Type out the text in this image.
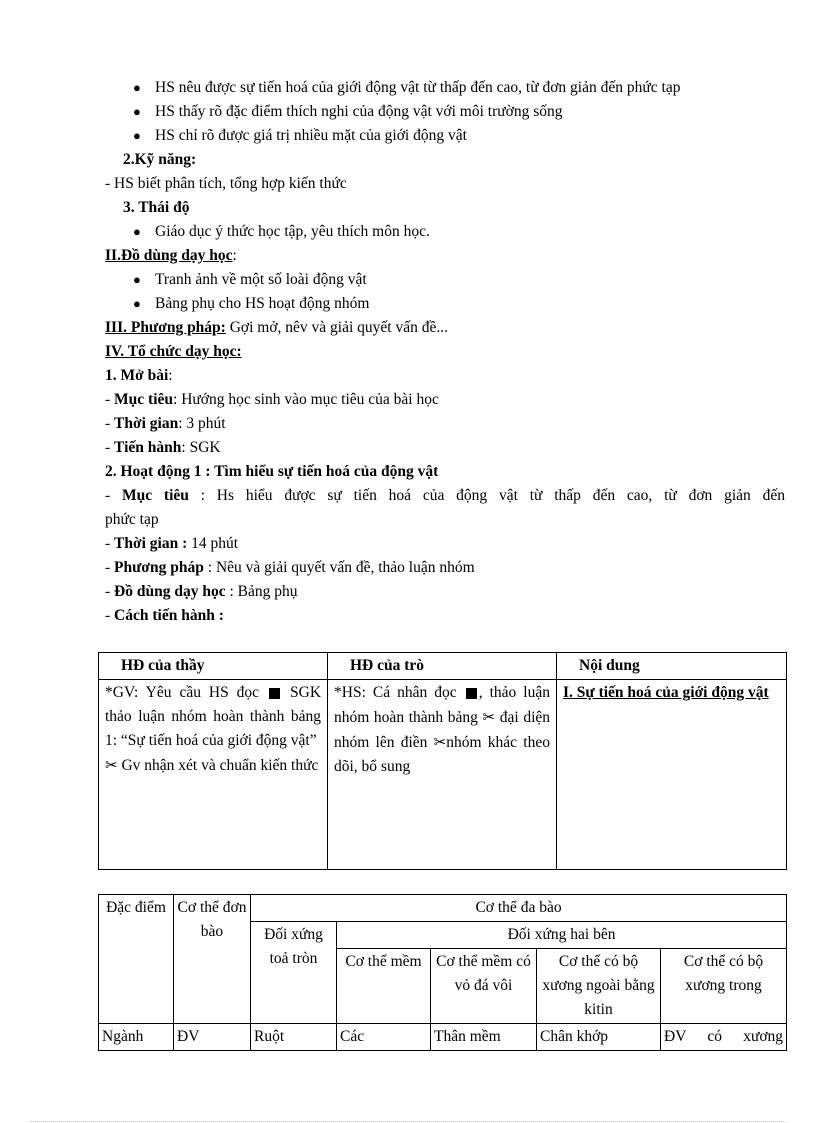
● HS nêu được sự tiến hoá của giới động vật từ thấp đến cao, từ đơn giản đến phức tạp
● HS thấy rõ đặc điểm thích nghi của động vật với môi trường sống
● HS chỉ rõ được giá trị nhiều mặt của giới động vật
2.Kỹ năng:
- HS biết phân tích, tổng hợp kiến thức
3. Thái độ
● Giáo dục ý thức học tập, yêu thích môn học.
II.Đồ dùng dạy học:
● Tranh ảnh về một số loài động vật
● Bảng phụ cho HS hoạt động nhóm
III. Phương pháp: Gợi mở, nêv và giải quyết vấn đề...
IV. Tổ chức dạy học:
1. Mở bài:
- Mục tiêu: Hướng học sinh vào mục tiêu của bài học
- Thời gian: 3 phút
- Tiến hành: SGK
2. Hoạt động 1 : Tìm hiểu sự tiến hoá của động vật
- Mục tiêu : Hs hiểu được sự tiến hoá của động vật từ thấp đến cao, từ đơn giản đến
phức tạp
- Thời gian : 14 phút
- Phương pháp : Nêu và giải quyết vấn đề, thảo luận nhóm
- Đồ dùng dạy học : Bảng phụ
- Cách tiến hành :
HĐ của thầy	HĐ của trò	Nội dung
*GV: Yêu cầu HS đọc SGK thảo luận nhóm hoàn thành bảng 1: “Sự tiến hoá của giới động vật”
✂ Gv nhận xét và chuẩn kiến thức	*HS: Cá nhân đọc , thảo luận nhóm hoàn thành bảng ✂ đại diện nhóm lên điền ✂nhóm khác theo dõi, bổ sung	I. Sự tiến hoá của giới động vật
Đặc điểm	Cơ thể đơn bào	Cơ thể đa bào				
		Đối xứng toả tròn	Đối xứng hai bên			
			Cơ thể mềm	Cơ thể mềm có vỏ đá vôi	Cơ thể có bộ xương ngoài bằng kitin	Cơ thể có bộ xương trong
Ngành	ĐV	Ruột	Các	Thân mềm	Chân khớp	ĐV có xương
